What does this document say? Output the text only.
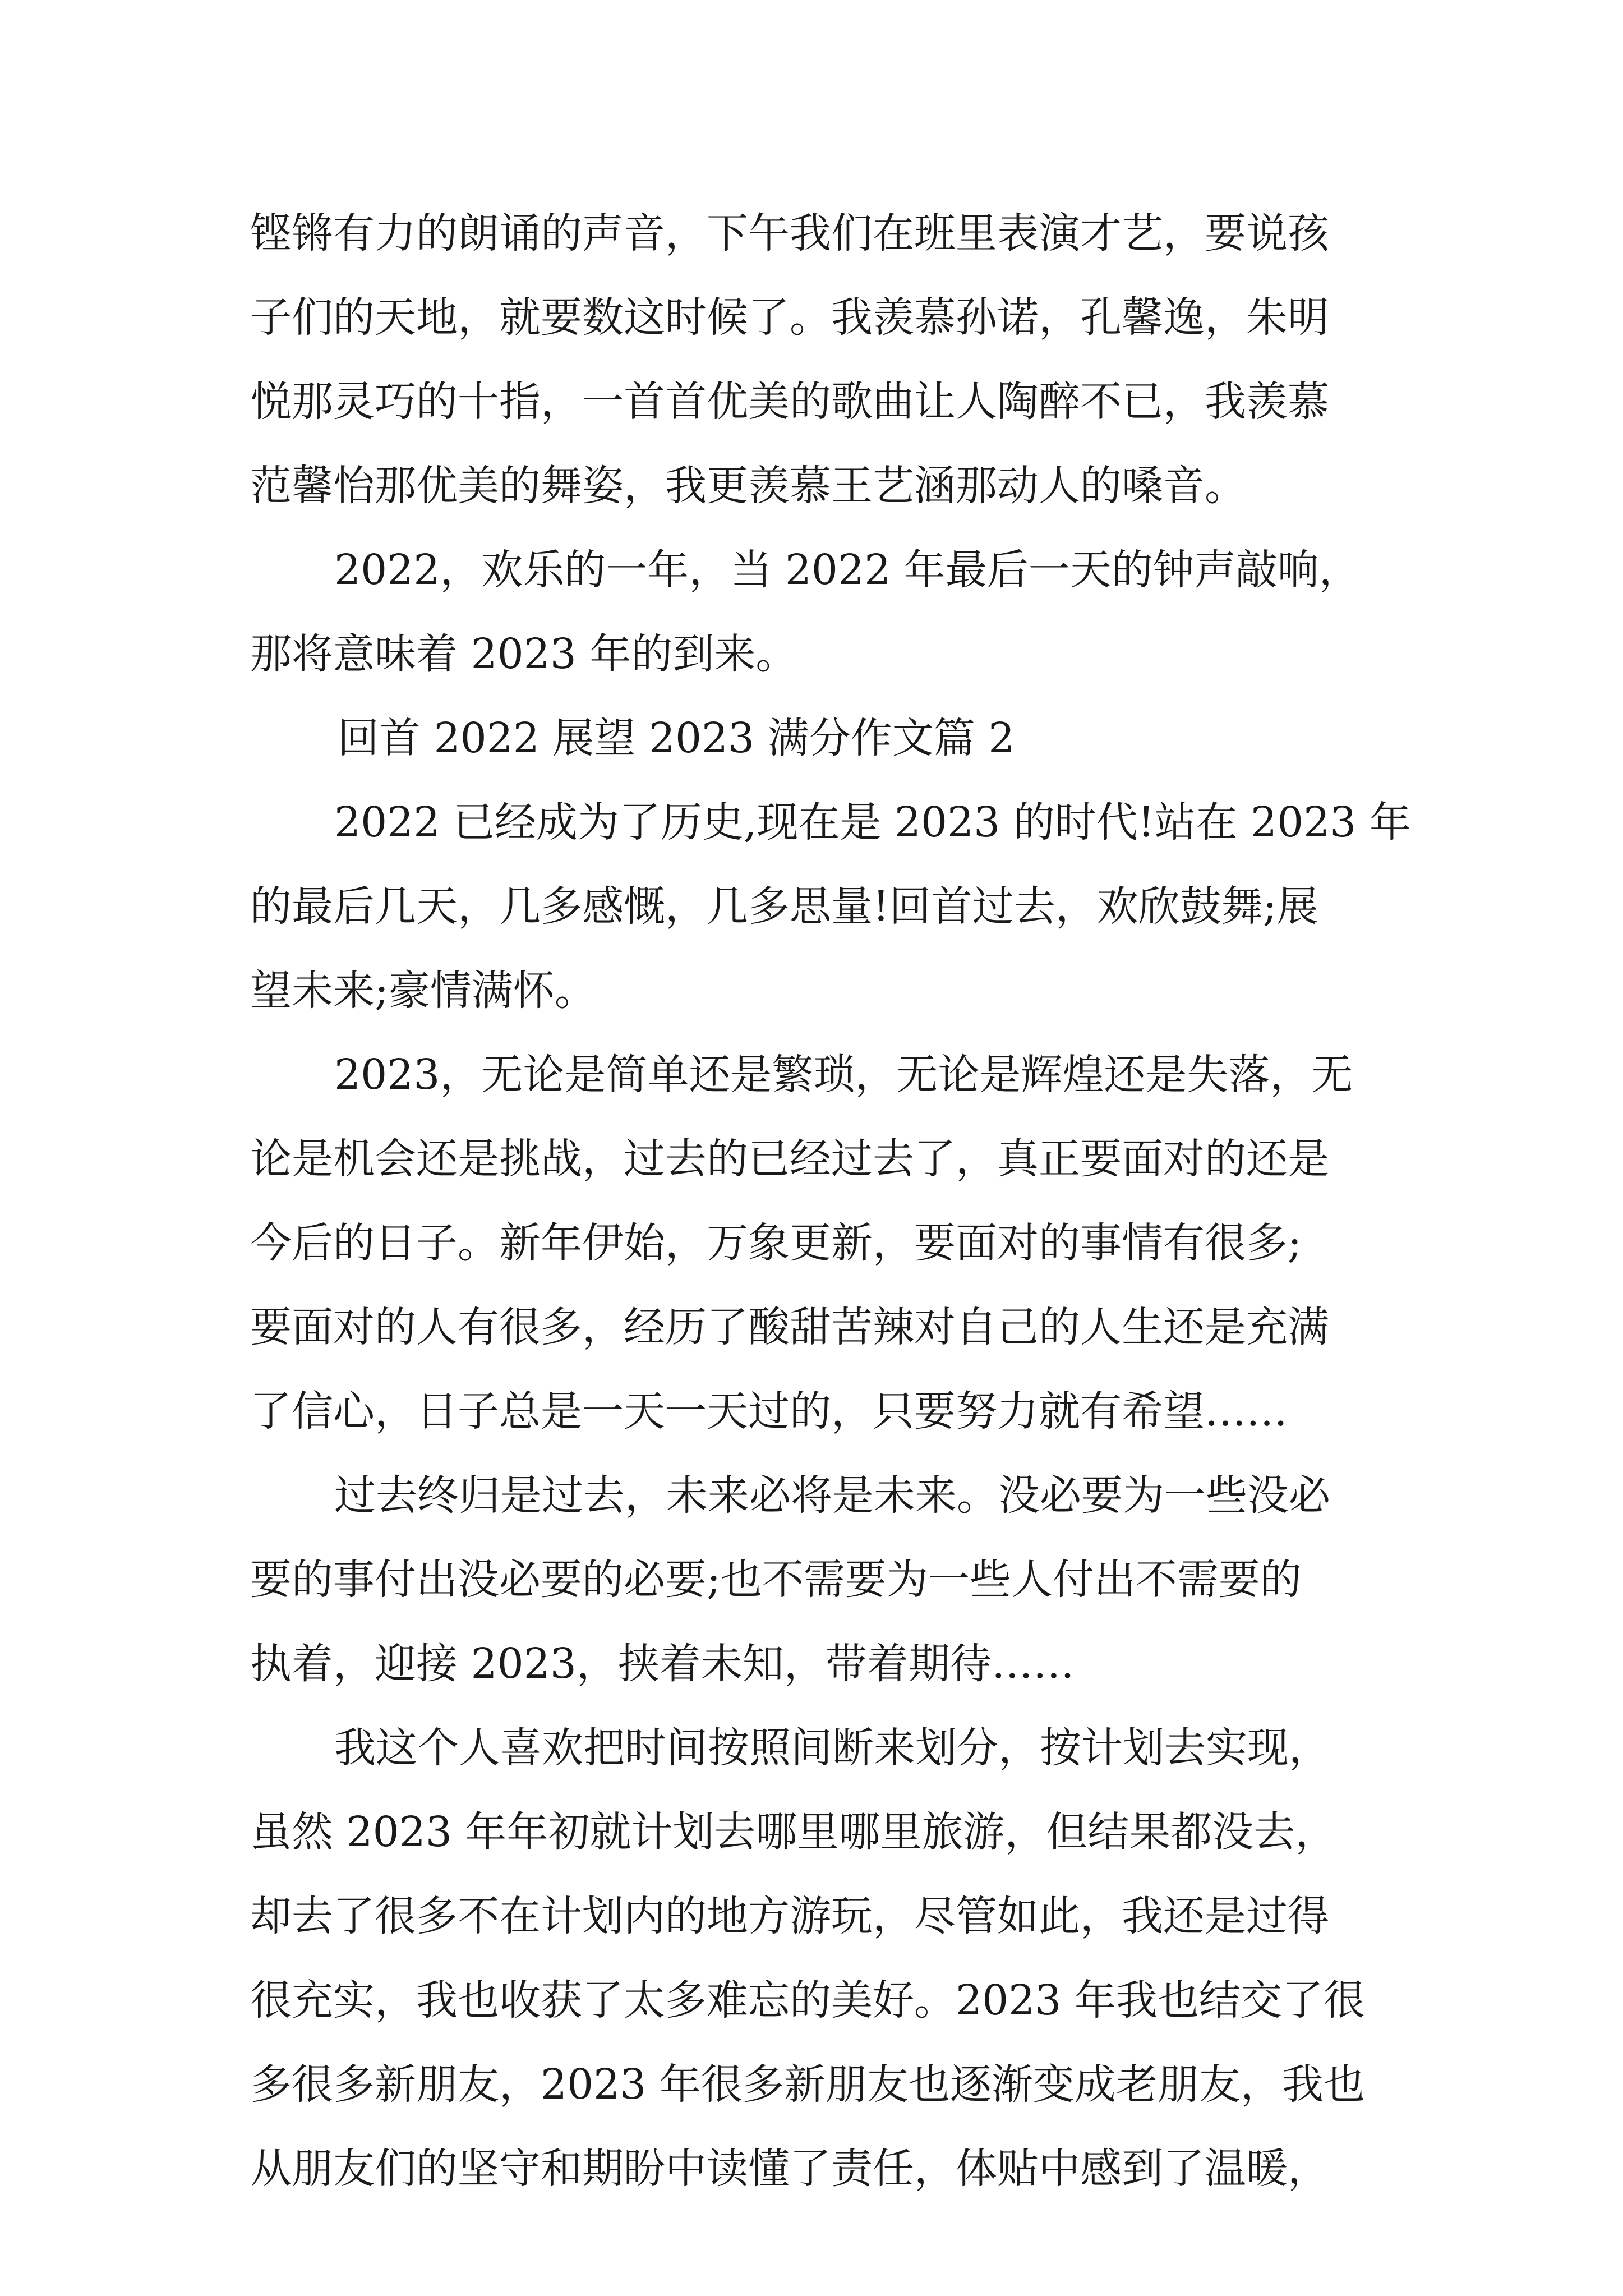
铿锵有力的朗诵的声音，下午我们在班里表演才艺，要说孩

子们的天地，就要数这时候了。我羡慕孙诺，孔馨逸，朱明

悦那灵巧的十指，一首首优美的歌曲让人陶醉不已，我羡慕

范馨怡那优美的舞姿，我更羡慕王艺涵那动人的嗓音。

2022，欢乐的一年，当 2022 年最后一天的钟声敲响，

那将意味着 2023 年的到来。

回首 2022 展望 2023 满分作文篇 2

2022 已经成为了历史,现在是 2023 的时代!站在 2023 年

的最后几天，几多感慨，几多思量!回首过去，欢欣鼓舞;展

望未来;豪情满怀。

2023，无论是简单还是繁琐，无论是辉煌还是失落，无

论是机会还是挑战，过去的已经过去了，真正要面对的还是

今后的日子。新年伊始，万象更新，要面对的事情有很多;

要面对的人有很多，经历了酸甜苦辣对自己的人生还是充满

了信心，日子总是一天一天过的，只要努力就有希望……

过去终归是过去，未来必将是未来。没必要为一些没必

要的事付出没必要的必要;也不需要为一些人付出不需要的

执着，迎接 2023，挟着未知，带着期待……

我这个人喜欢把时间按照间断来划分，按计划去实现，

虽然 2023 年年初就计划去哪里哪里旅游，但结果都没去，

却去了很多不在计划内的地方游玩，尽管如此，我还是过得

很充实，我也收获了太多难忘的美好。2023 年我也结交了很

多很多新朋友，2023 年很多新朋友也逐渐变成老朋友，我也

从朋友们的坚守和期盼中读懂了责任，体贴中感到了温暖，
